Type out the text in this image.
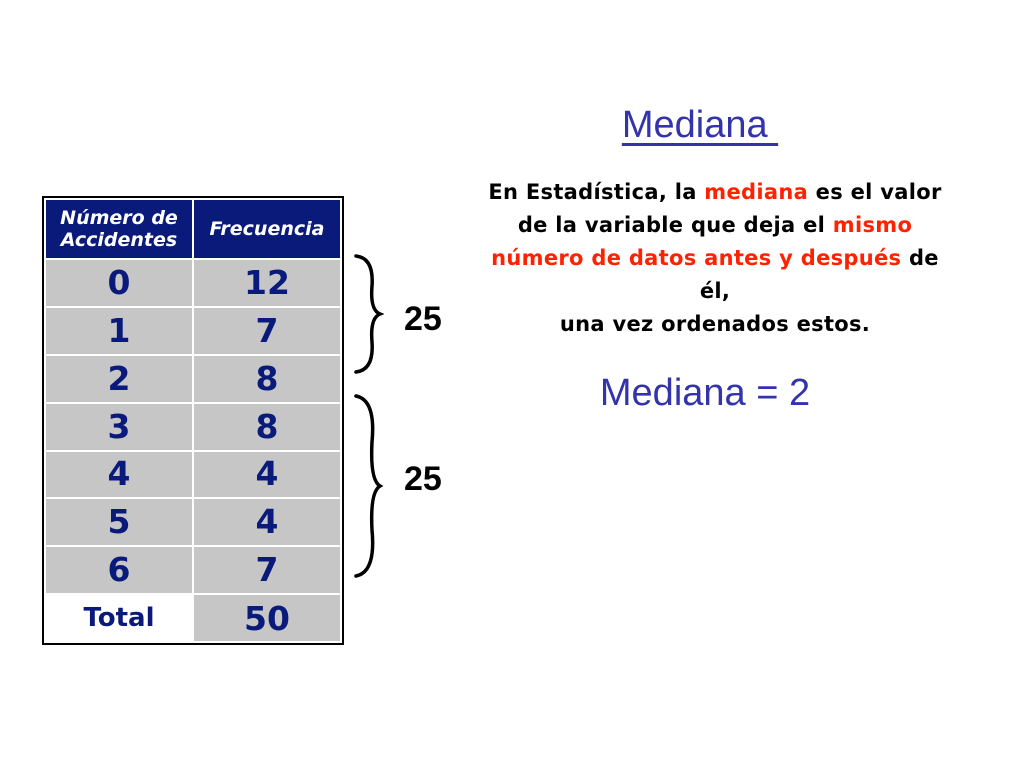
Mediana
En Estadística, la mediana es el valor de la variable que deja el mismo número de datos antes y después de él,
una vez ordenados estos.
Mediana = 2
Número de Accidentes	Frecuencia
0	12
1	7
2	8
3	8
4	4
5	4
6	7
Total	50
25
25
